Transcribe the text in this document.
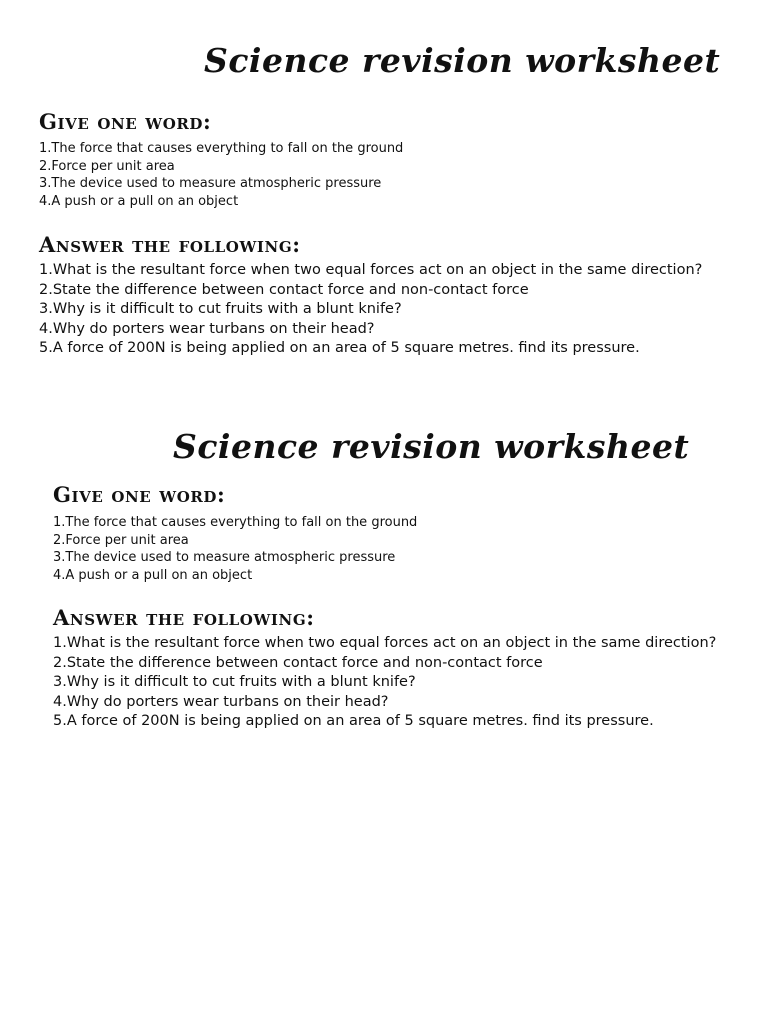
Science revision worksheet
Give one word:
1.The force that causes everything to fall on the ground
2.Force per unit area
3.The device used to measure atmospheric pressure
4.A push or a pull on an object
Answer the following:
1.What is the resultant force when two equal forces act on an object in the same direction?
2.State the difference between contact force and non-contact force
3.Why is it difficult to cut fruits with a blunt knife?
4.Why do porters wear turbans on their head?
5.A force of 200N is being applied on an area of 5 square metres. find its pressure.
Science revision worksheet
Give one word:
1.The force that causes everything to fall on the ground
2.Force per unit area
3.The device used to measure atmospheric pressure
4.A push or a pull on an object
Answer the following:
1.What is the resultant force when two equal forces act on an object in the same direction?
2.State the difference between contact force and non-contact force
3.Why is it difficult to cut fruits with a blunt knife?
4.Why do porters wear turbans on their head?
5.A force of 200N is being applied on an area of 5 square metres. find its pressure.
